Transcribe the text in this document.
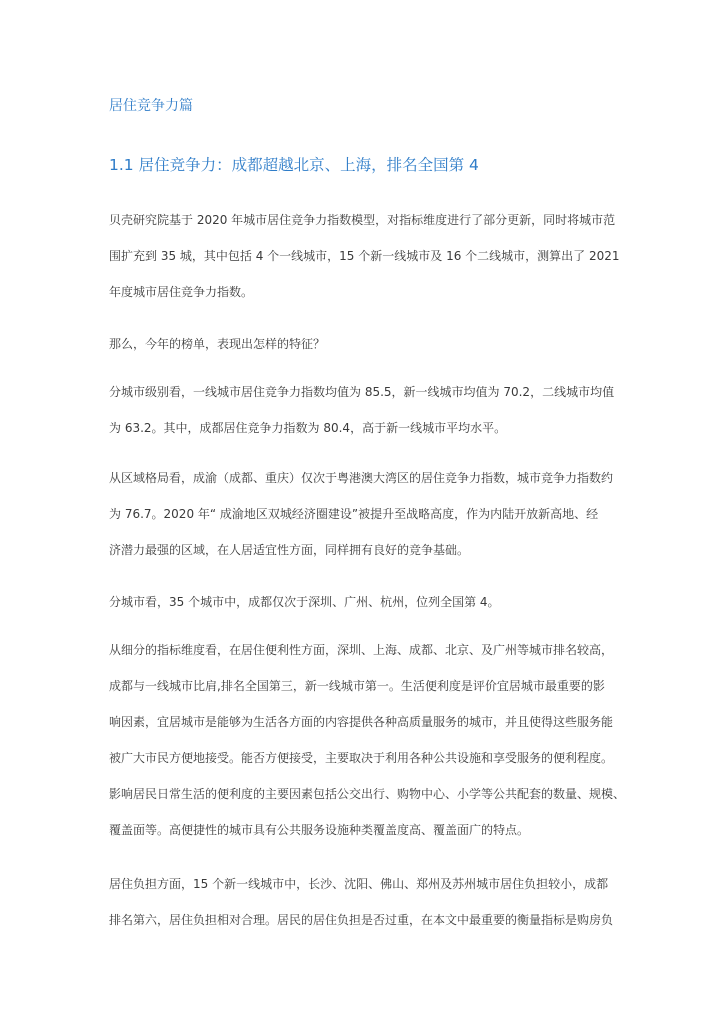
居住竞争力篇
1.1 居住竞争力：成都超越北京、上海，排名全国第 4
贝壳研究院基于 2020 年城市居住竞争力指数模型，对指标维度进行了部分更新，同时将城市范
围扩充到 35 城，其中包括 4 个一线城市，15 个新一线城市及 16 个二线城市，测算出了 2021
年度城市居住竞争力指数。
那么，今年的榜单，表现出怎样的特征？
分城市级别看，一线城市居住竞争力指数均值为 85.5，新一线城市均值为 70.2，二线城市均值
为 63.2。其中，成都居住竞争力指数为 80.4，高于新一线城市平均水平。
从区域格局看，成渝（成都、重庆）仅次于粤港澳大湾区的居住竞争力指数，城市竞争力指数约
为 76.7。2020 年“ 成渝地区双城经济圈建设”被提升至战略高度，作为内陆开放新高地、经
济潜力最强的区域，在人居适宜性方面，同样拥有良好的竞争基础。
分城市看，35 个城市中，成都仅次于深圳、广州、杭州，位列全国第 4。
从细分的指标维度看，在居住便利性方面，深圳、上海、成都、北京、及广州等城市排名较高，
成都与一线城市比肩,排名全国第三，新一线城市第一。生活便利度是评价宜居城市最重要的影
响因素，宜居城市是能够为生活各方面的内容提供各种高质量服务的城市，并且使得这些服务能
被广大市民方便地接受。能否方便接受，主要取决于利用各种公共设施和享受服务的便利程度。
影响居民日常生活的便利度的主要因素包括公交出行、购物中心、小学等公共配套的数量、规模、
覆盖面等。高便捷性的城市具有公共服务设施种类覆盖度高、覆盖面广的特点。
居住负担方面，15 个新一线城市中，长沙、沈阳、佛山、郑州及苏州城市居住负担较小，成都
排名第六，居住负担相对合理。居民的居住负担是否过重，在本文中最重要的衡量指标是购房负
